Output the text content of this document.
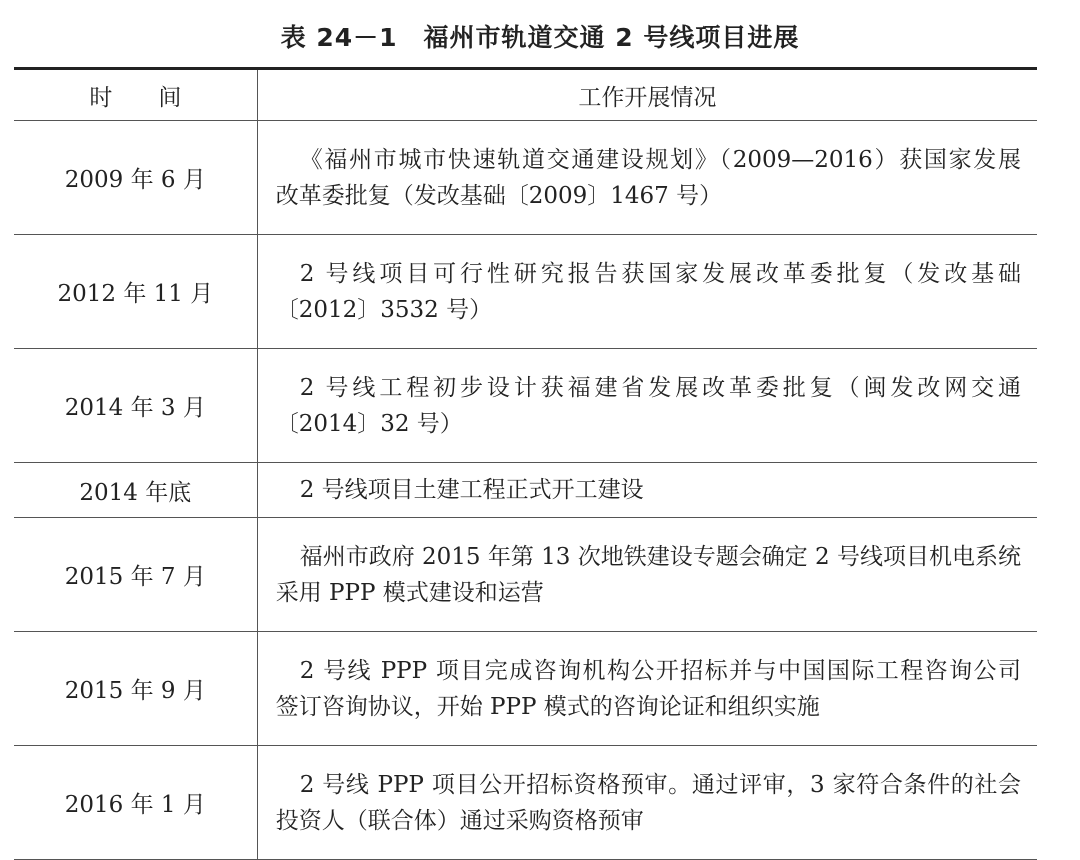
表 24－1　福州市轨道交通 2 号线项目进展
时　　间	工作开展情况
2009 年 6 月	《福州市城市快速轨道交通建设规划》（2009—2016）获国家发展
改革委批复（发改基础〔2009〕1467 号）

2012 年 11 月	2 号线项目可行性研究报告获国家发展改革委批复（发改基础
〔2012〕3532 号）

2014 年 3 月	2 号线工程初步设计获福建省发展改革委批复（闽发改网交通
〔2014〕32 号）

2014 年底	2 号线项目土建工程正式开工建设

2015 年 7 月	福州市政府 2015 年第 13 次地铁建设专题会确定 2 号线项目机电系统
采用 PPP 模式建设和运营

2015 年 9 月	2 号线 PPP 项目完成咨询机构公开招标并与中国国际工程咨询公司
签订咨询协议，开始 PPP 模式的咨询论证和组织实施

2016 年 1 月	2 号线 PPP 项目公开招标资格预审。通过评审，3 家符合条件的社会
投资人（联合体）通过采购资格预审
